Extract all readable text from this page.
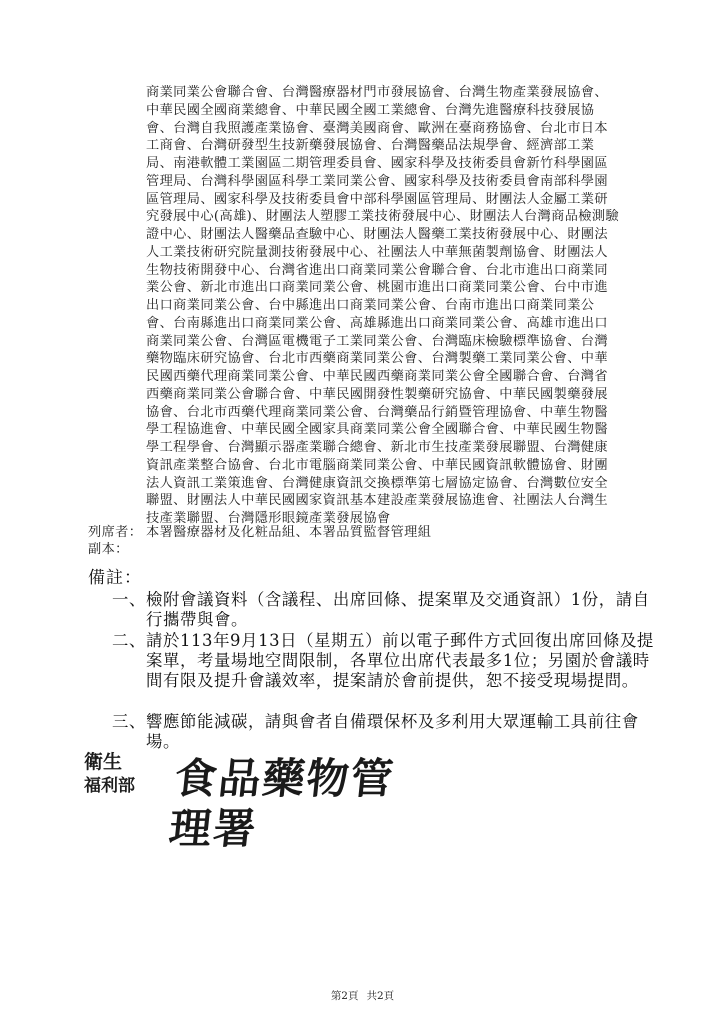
商業同業公會聯合會、台灣醫療器材門市發展協會、台灣生物產業發展協會、

中華民國全國商業總會、中華民國全國工業總會、台灣先進醫療科技發展協

會、台灣自我照護產業協會、臺灣美國商會、歐洲在臺商務協會、台北市日本

工商會、台灣研發型生技新藥發展協會、台灣醫藥品法規學會、經濟部工業

局、南港軟體工業園區二期管理委員會、國家科學及技術委員會新竹科學園區

管理局、台灣科學園區科學工業同業公會、國家科學及技術委員會南部科學園

區管理局、國家科學及技術委員會中部科學園區管理局、財團法人金屬工業研

究發展中心(高雄)、財團法人塑膠工業技術發展中心、財團法人台灣商品檢測驗

證中心、財團法人醫藥品查驗中心、財團法人醫藥工業技術發展中心、財團法

人工業技術研究院量測技術發展中心、社團法人中華無菌製劑協會、財團法人

生物技術開發中心、台灣省進出口商業同業公會聯合會、台北市進出口商業同

業公會、新北市進出口商業同業公會、桃園市進出口商業同業公會、台中市進

出口商業同業公會、台中縣進出口商業同業公會、台南市進出口商業同業公

會、台南縣進出口商業同業公會、高雄縣進出口商業同業公會、高雄市進出口

商業同業公會、台灣區電機電子工業同業公會、台灣臨床檢驗標準協會、台灣

藥物臨床研究協會、台北市西藥商業同業公會、台灣製藥工業同業公會、中華

民國西藥代理商業同業公會、中華民國西藥商業同業公會全國聯合會、台灣省

西藥商業同業公會聯合會、中華民國開發性製藥研究協會、中華民國製藥發展

協會、台北市西藥代理商業同業公會、台灣藥品行銷暨管理協會、中華生物醫

學工程協進會、中華民國全國家具商業同業公會全國聯合會、中華民國生物醫

學工程學會、台灣顯示器產業聯合總會、新北市生技產業發展聯盟、台灣健康

資訊產業整合協會、台北市電腦商業同業公會、中華民國資訊軟體協會、財團

法人資訊工業策進會、台灣健康資訊交換標準第七層協定協會、台灣數位安全

聯盟、財團法人中華民國國家資訊基本建設產業發展協進會、社團法人台灣生

技產業聯盟、台灣隱形眼鏡產業發展協會

列席者： 本署醫療器材及化粧品組、本署品質監督管理組
副本：
備註：
一、檢附會議資料（含議程、出席回條、提案單及交通資訊）1份，請自行攜帶與會。
二、請於113年9月13日（星期五）前以電子郵件方式回復出席回條及提案單，考量場地空間限制，各單位出席代表最多1位；另園於會議時間有限及提升會議效率，提案請於會前提供，恕不接受現場提問。
三、響應節能減碳，請與會者自備環保杯及多利用大眾運輸工具前往會場。
衛生
福利部 食品藥物管理署
第2頁 共2頁
